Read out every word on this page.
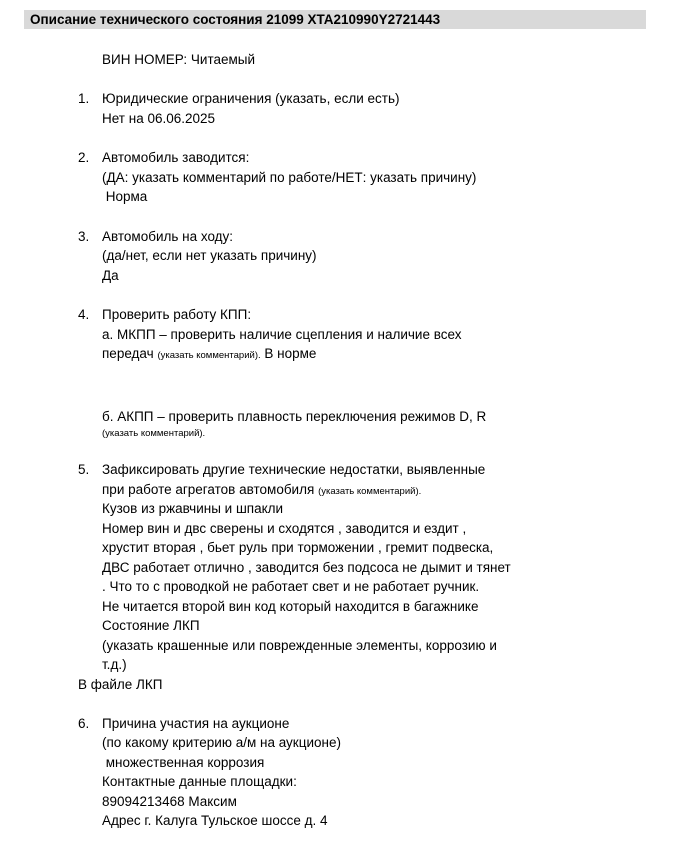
Описание технического состояния 21099 XTA210990Y2721443
ВИН НОМЕР: Читаемый
1. Юридические ограничения (указать, если есть)
Нет на 06.06.2025
2. Автомобиль заводится:
(ДА: указать комментарий по работе/НЕТ: указать причину)
Норма
3. Автомобиль на ходу:
(да/нет, если нет указать причину)
Да
4. Проверить работу КПП:
а. МКПП – проверить наличие сцепления и наличие всех
передач (указать комментарий). В норме
б. АКПП – проверить плавность переключения режимов D, R
(указать комментарий).
5. Зафиксировать другие технические недостатки, выявленные
при работе агрегатов автомобиля (указать комментарий).
Кузов из ржавчины и шпакли
Номер вин и двс сверены и сходятся , заводится и ездит ,
хрустит вторая , бьет руль при торможении , гремит подвеска,
ДВС работает отлично , заводится без подсоса не дымит и тянет
. Что то с проводкой не работает свет и не работает ручник.
Не читается второй вин код который находится в багажнике
Состояние ЛКП
(указать крашенные или поврежденные элементы, коррозию и
т.д.)
В файле ЛКП
6. Причина участия на аукционе
(по какому критерию а/м на аукционе)
множественная коррозия
Контактные данные площадки:
89094213468 Максим
Адрес г. Калуга Тульское шоссе д. 4
